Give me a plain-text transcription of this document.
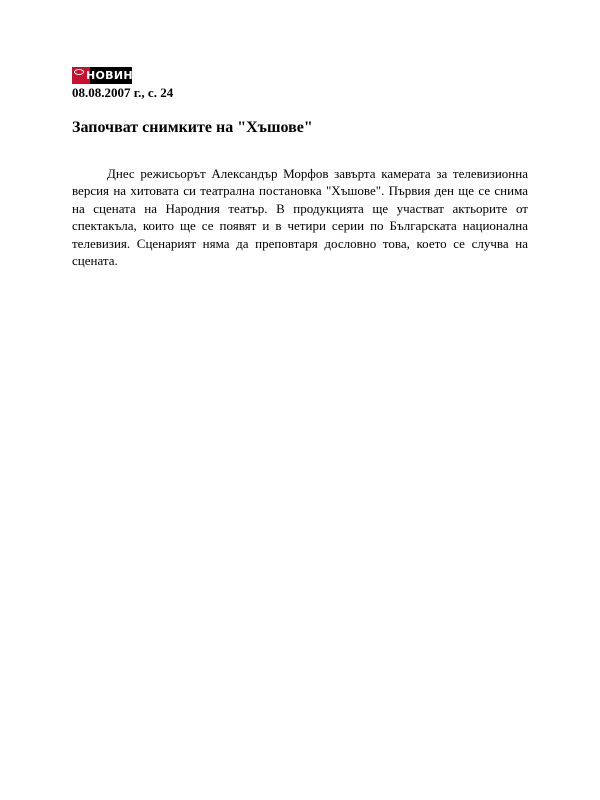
НОВИНАР
08.08.2007 г., с. 24
Започват снимките на "Хъшове"

Днес режисьорът Александър Морфов завърта камерата за телевизионна версия на хитовата си театрална постановка "Хъшове". Първия ден ще се снима на сцената на Народния театър. В продукцията ще участват актьорите от спектакъла, които ще се появят и в четири серии по Българската национална телевизия. Сценарият няма да преповтаря дословно това, което се случва на сцената.
